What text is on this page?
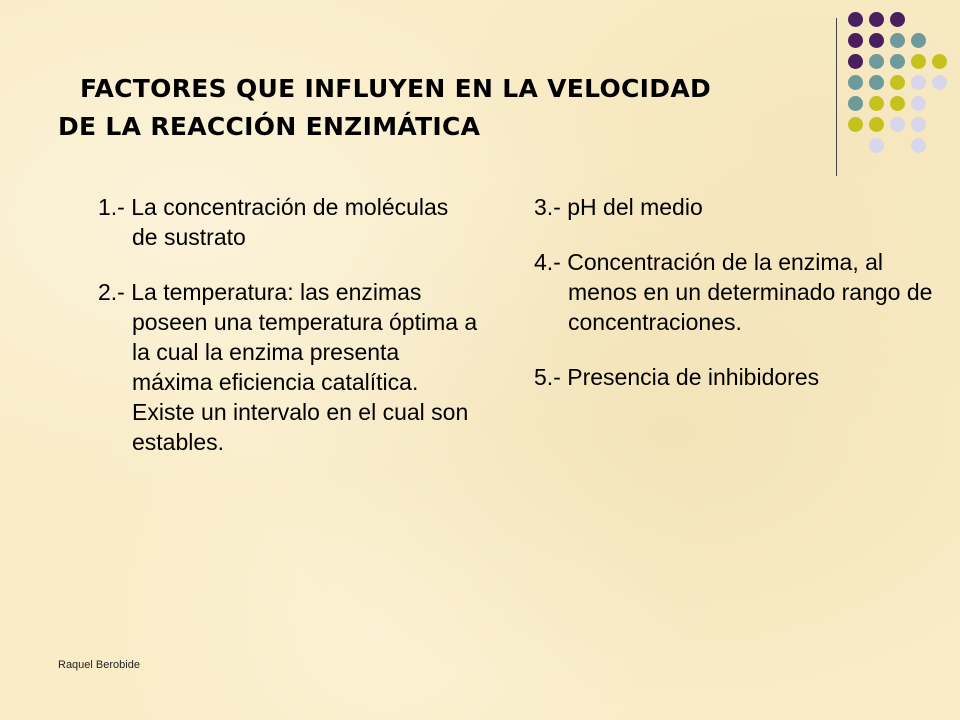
FACTORES QUE INFLUYEN EN LA VELOCIDAD
DE LA REACCIÓN ENZIMÁTICA
1.- La concentración de moléculas de sustrato
2.- La temperatura: las enzimas poseen una temperatura óptima a la cual la enzima presenta máxima eficiencia catalítica. Existe un intervalo en el cual son estables.
3.- pH del medio
4.- Concentración de la enzima, al menos en un determinado rango de concentraciones.
5.- Presencia de inhibidores
Raquel Berobide
